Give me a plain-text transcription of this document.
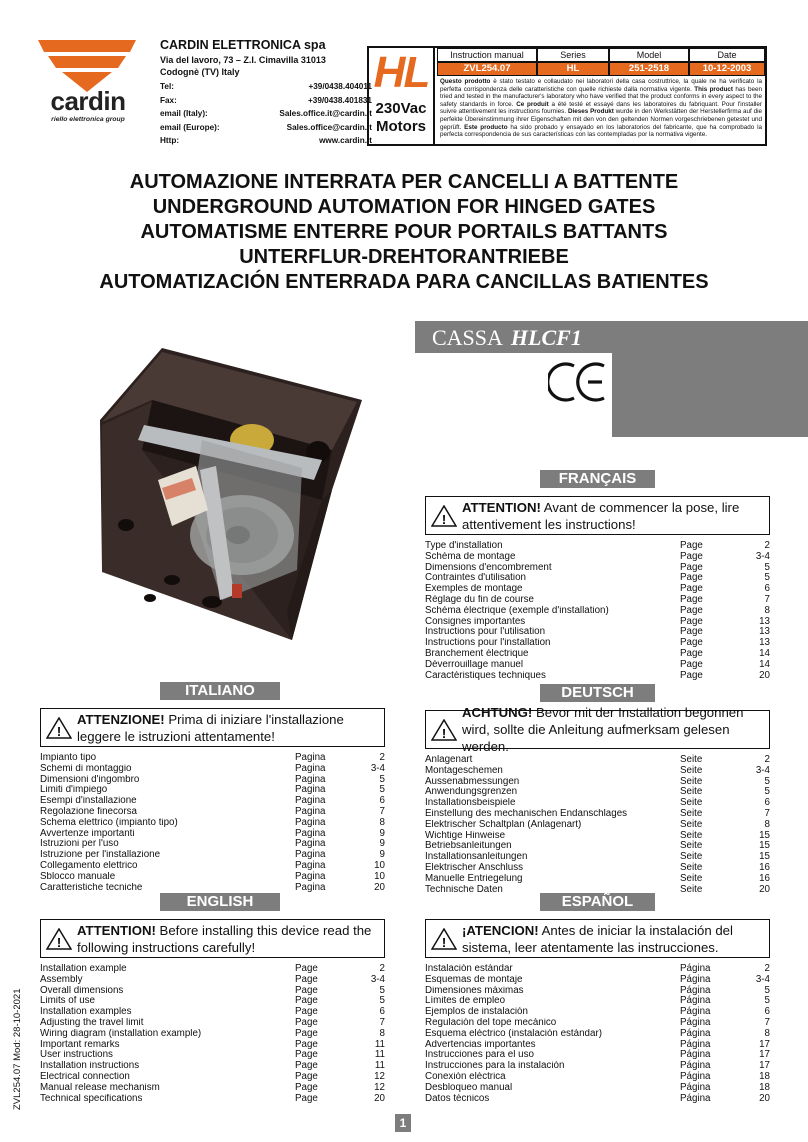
cardin
riello elettronica group
CARDIN ELETTRONICA spa
Via del lavoro, 73 – Z.I. Cimavilla 31013
Codognè (TV) Italy
Tel:	+39/0438.404011
Fax:	+39/0438.401831
email (Italy):	Sales.office.it@cardin.it
email (Europe):	Sales.office@cardin.it
Http:	www.cardin.it
HL
230Vac
Motors
Instruction manual	Series	Model	Date
ZVL254.07	HL	251-2518	10-12-2003
Questo prodotto è stato testato e collaudato nei laboratori della casa costruttrice, la quale ne ha verificato la perfetta corrispondenza delle caratteristiche con quelle richieste dalla normativa vigente. This product has been tried and tested in the manufacturer's laboratory who have verified that the product conforms in every aspect to the safety standards in force. Ce produit a été testé et essayé dans les laboratoires du fabriquant. Pour l'installer suivre attentivement les instructions fournies. Dieses Produkt wurde in den Werkstätten der Herstellerfirma auf die perfekte Übereinstimmung ihrer Eigenschaften mit den von den geltenden Normen vorgeschriebenen getestet und geprüft. Este producto ha sido probado y ensayado en los laboratorios del fabricante, que ha comprobado la perfecta correspondencia de sus características con las contempladas por la normativa vigente.
AUTOMAZIONE INTERRATA PER CANCELLI A BATTENTE
UNDERGROUND AUTOMATION FOR HINGED GATES
AUTOMATISME ENTERRE POUR PORTAILS BATTANTS
UNTERFLUR-DREHTORANTRIEBE
AUTOMATIZACIÓN ENTERRADA PARA CANCILLAS BATIENTES
CASSA HLCF1
FRANÇAIS
!
ATTENTION! Avant de commencer la pose, lire attentivement les instructions!
Type d'installation	Page	2
Schéma de montage	Page	3-4
Dimensions d'encombrement	Page	5
Contraintes d'utilisation	Page	5
Exemples de montage	Page	6
Réglage du fin de course	Page	7
Schéma électrique (exemple d'installation)	Page	8
Consignes importantes	Page	13
Instructions pour l'utilisation	Page	13
Instructions pour l'installation	Page	13
Branchement électrique	Page	14
Déverrouillage manuel	Page	14
Caractéristiques techniques	Page	20
ITALIANO
!
ATTENZIONE! Prima di iniziare l'installazione leggere le istruzioni attentamente!
Impianto tipo	Pagina	2
Schemi di montaggio	Pagina	3-4
Dimensioni d'ingombro	Pagina	5
Limiti d'impiego	Pagina	5
Esempi d'installazione	Pagina	6
Regolazione finecorsa	Pagina	7
Schema elettrico (impianto tipo)	Pagina	8
Avvertenze importanti	Pagina	9
Istruzioni per l'uso	Pagina	9
Istruzione per l'installazione	Pagina	9
Collegamento elettrico	Pagina	10
Sblocco manuale	Pagina	10
Caratteristiche tecniche	Pagina	20
DEUTSCH
!
ACHTUNG! Bevor mit der Installation begonnen wird, sollte die Anleitung aufmerksam gelesen werden.
Anlagenart	Seite	2
Montageschemen	Seite	3-4
Aussenabmessungen	Seite	5
Anwendungsgrenzen	Seite	5
Installationsbeispiele	Seite	6
Einstellung des mechanischen Endanschlages	Seite	7
Elektrischer Schaltplan (Anlagenart)	Seite	8
Wichtige Hinweise	Seite	15
Betriebsanleitungen	Seite	15
Installationsanleitungen	Seite	15
Elektrischer Anschluss	Seite	16
Manuelle Entriegelung	Seite	16
Technische Daten	Seite	20
ENGLISH
!
ATTENTION! Before installing this device read the following instructions carefully!
Installation example	Page	2
Assembly	Page	3-4
Overall dimensions	Page	5
Limits of use	Page	5
Installation examples	Page	6
Adjusting the travel limit	Page	7
Wiring diagram (installation example)	Page	8
Important remarks	Page	11
User instructions	Page	11
Installation instructions	Page	11
Electrical connection	Page	12
Manual release mechanism	Page	12
Technical specifications	Page	20
ESPAÑOL
!
¡ATENCION! Antes de iniciar la instalación del sistema, leer atentamente las instrucciones.
Instalación estándar	Página	2
Esquemas de montaje	Página	3-4
Dimensiones máximas	Página	5
Límites de empleo	Página	5
Ejemplos de instalación	Página	6
Regulación del tope mecánico	Página	7
Esquema eléctrico (instalación estándar)	Página	8
Advertencias importantes	Página	17
Instrucciones para el uso	Página	17
Instrucciones para la instalación	Página	17
Conexión eléctrica	Página	18
Desbloqueo manual	Página	18
Datos técnicos	Página	20
ZVL254.07 Mod: 28-10-2021
1
